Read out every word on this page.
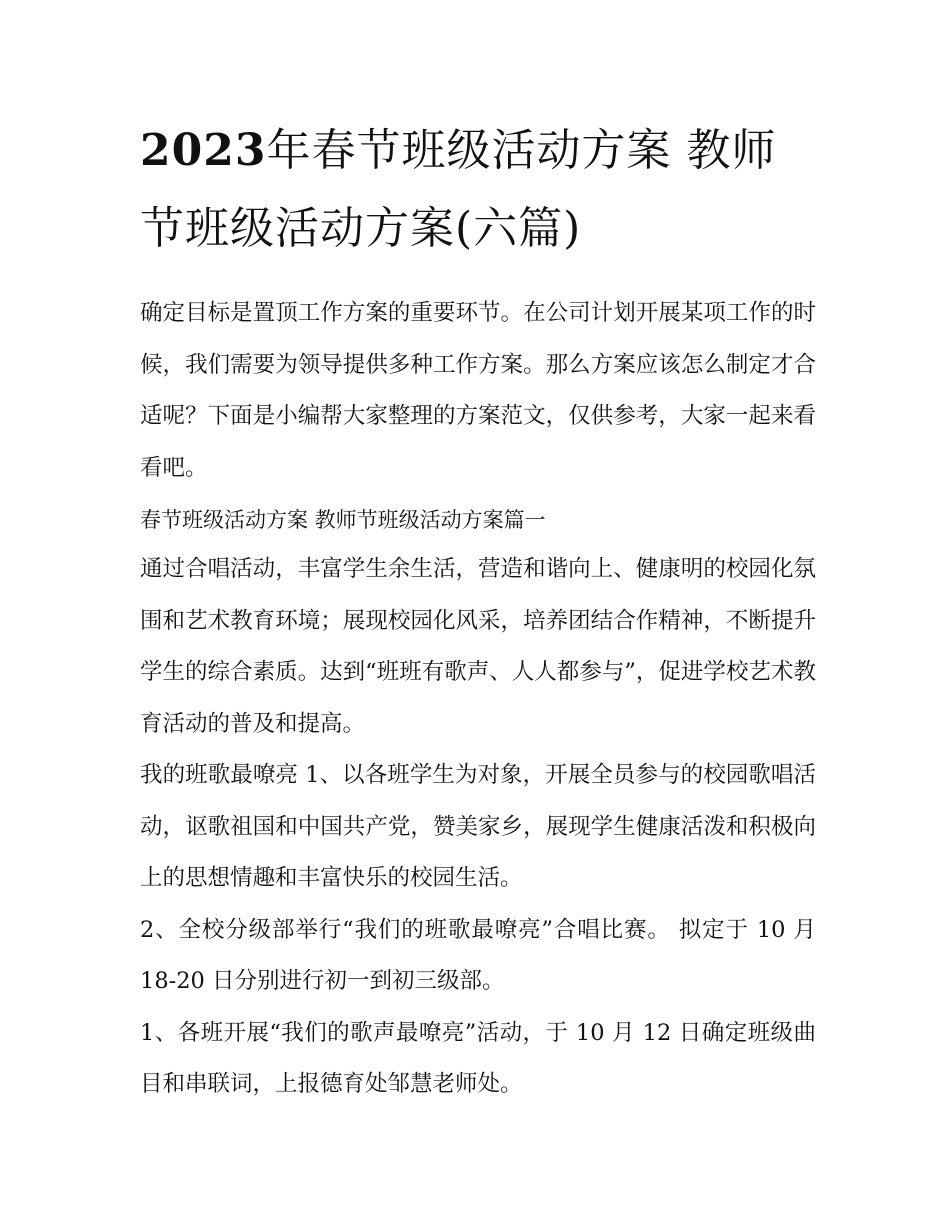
2023年春节班级活动方案 教师节班级活动方案(六篇)

确定目标是置顶工作方案的重要环节。在公司计划开展某项工作的时候，我们需要为领导提供多种工作方案。那么方案应该怎么制定才合适呢？下面是小编帮大家整理的方案范文，仅供参考，大家一起来看看吧。

春节班级活动方案 教师节班级活动方案篇一

通过合唱活动，丰富学生余生活，营造和谐向上、健康明的校园化氛围和艺术教育环境；展现校园化风采，培养团结合作精神，不断提升学生的综合素质。达到“班班有歌声、人人都参与”，促进学校艺术教育活动的普及和提高。

我的班歌最嘹亮 1、以各班学生为对象，开展全员参与的校园歌唱活动，讴歌祖国和中国共产党，赞美家乡，展现学生健康活泼和积极向上的思想情趣和丰富快乐的校园生活。

2、全校分级部举行“我们的班歌最嘹亮”合唱比赛。 拟定于 10 月 18-20 日分别进行初一到初三级部。

1、各班开展“我们的歌声最嘹亮”活动，于 10 月 12 日确定班级曲目和串联词，上报德育处邹慧老师处。
